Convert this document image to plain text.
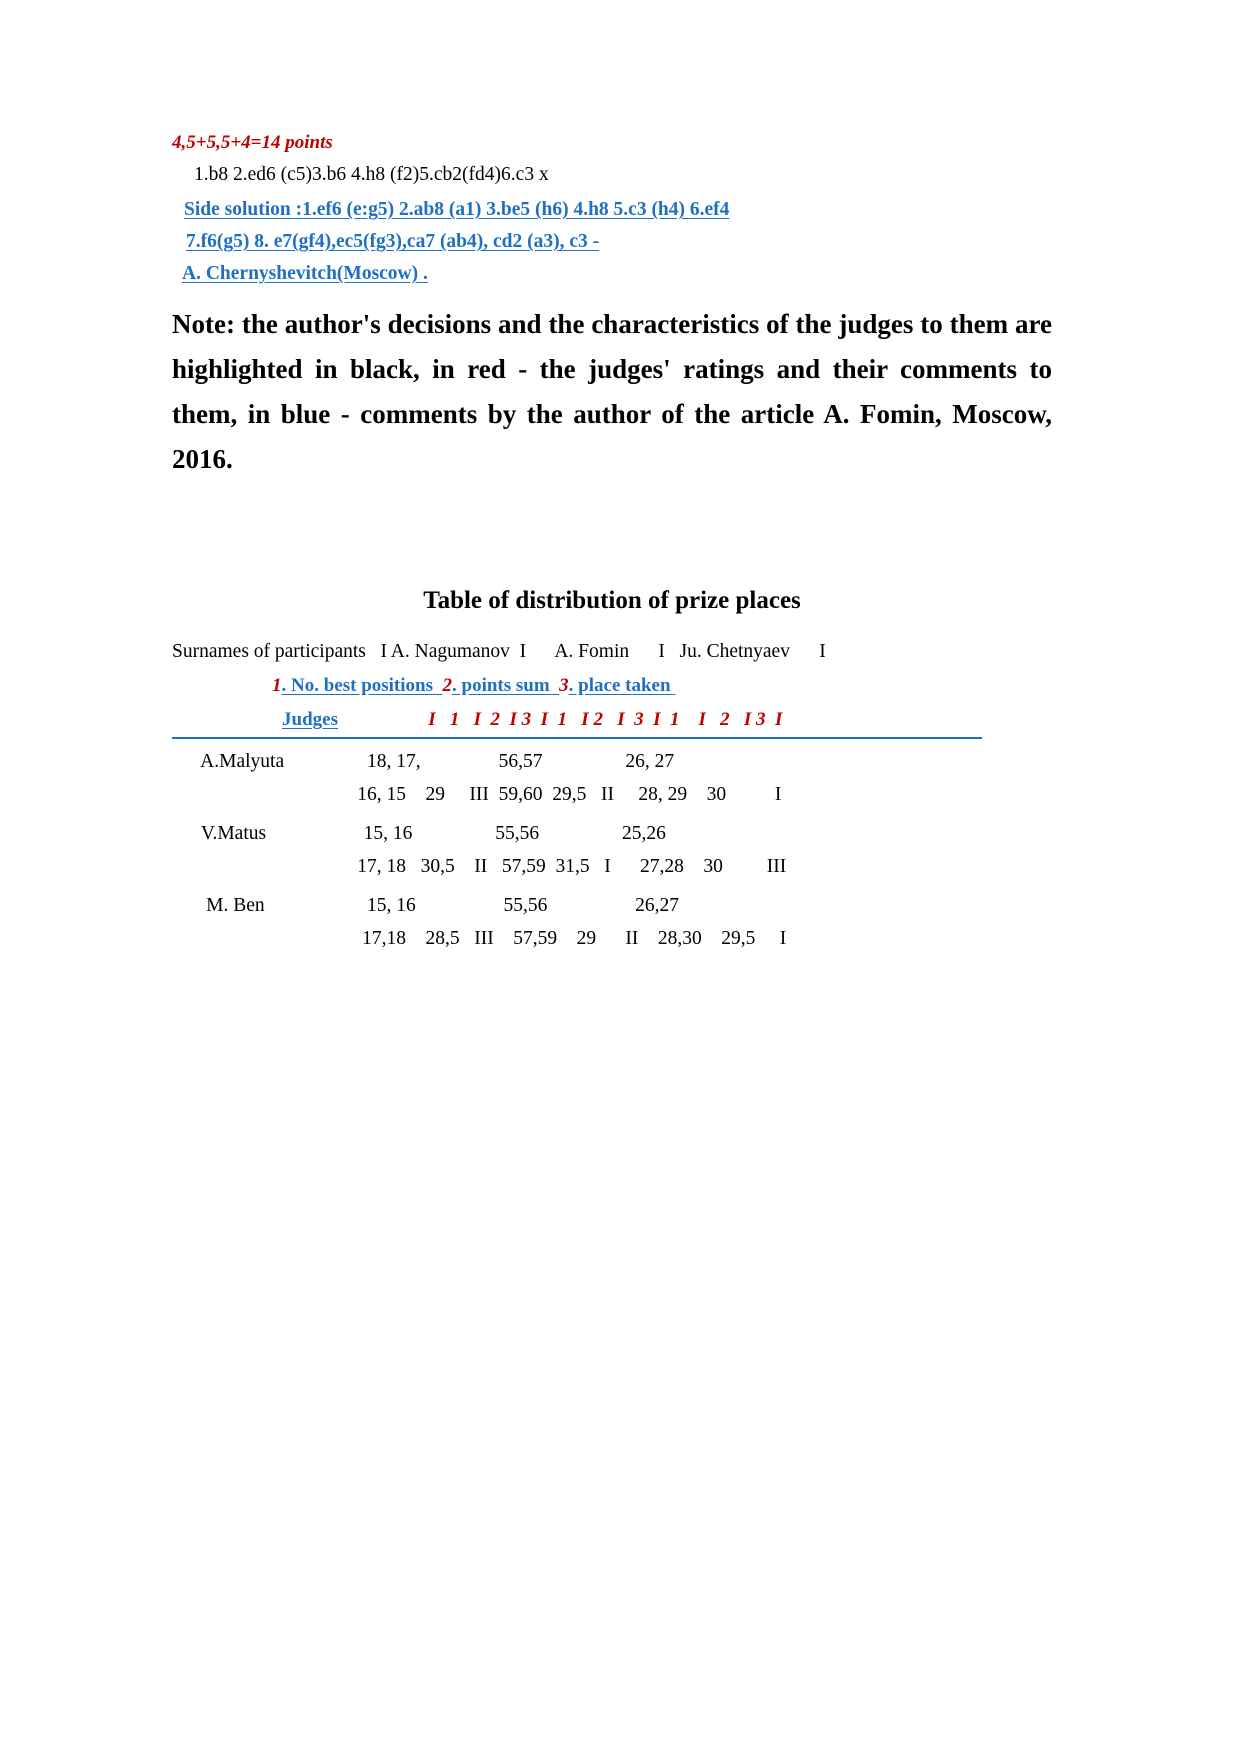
4,5+5,5+4=14 points
1.b8 2.ed6 (c5)3.b6 4.h8 (f2)5.cb2(fd4)6.c3 x
Side solution :1.ef6 (e:g5) 2.ab8 (a1) 3.be5 (h6) 4.h8 5.c3 (h4) 6.ef4
7.f6(g5) 8. e7(gf4),ec5(fg3),ca7 (ab4), cd2 (a3), c3 -
A. Chernyshevitch(Moscow) .
Note: the author's decisions and the characteristics of the judges to them are highlighted in black, in red - the judges' ratings and their comments to them, in blue - comments by the author of the article A. Fomin, Moscow, 2016.
Table of distribution of prize places
Surnames of participants   I A. Nagumanov  I      A. Fomin      I   Ju. Chetnyaev      I
1. No. best positions  2. points sum  3. place taken
Judges	I   1   I  2  I 3  I  1   I 2   I  3  I  1    I   2   I 3  I
A.Malyuta                 18, 17,                56,57                 26, 27
16, 15    29     III  59,60  29,5   II     28, 29    30          I
V.Matus                    15, 16                 55,56                 25,26
17, 18   30,5    II   57,59  31,5   I      27,28    30         III
M. Ben                     15, 16                  55,56                  26,27
17,18    28,5   III    57,59    29      II    28,30    29,5     I
